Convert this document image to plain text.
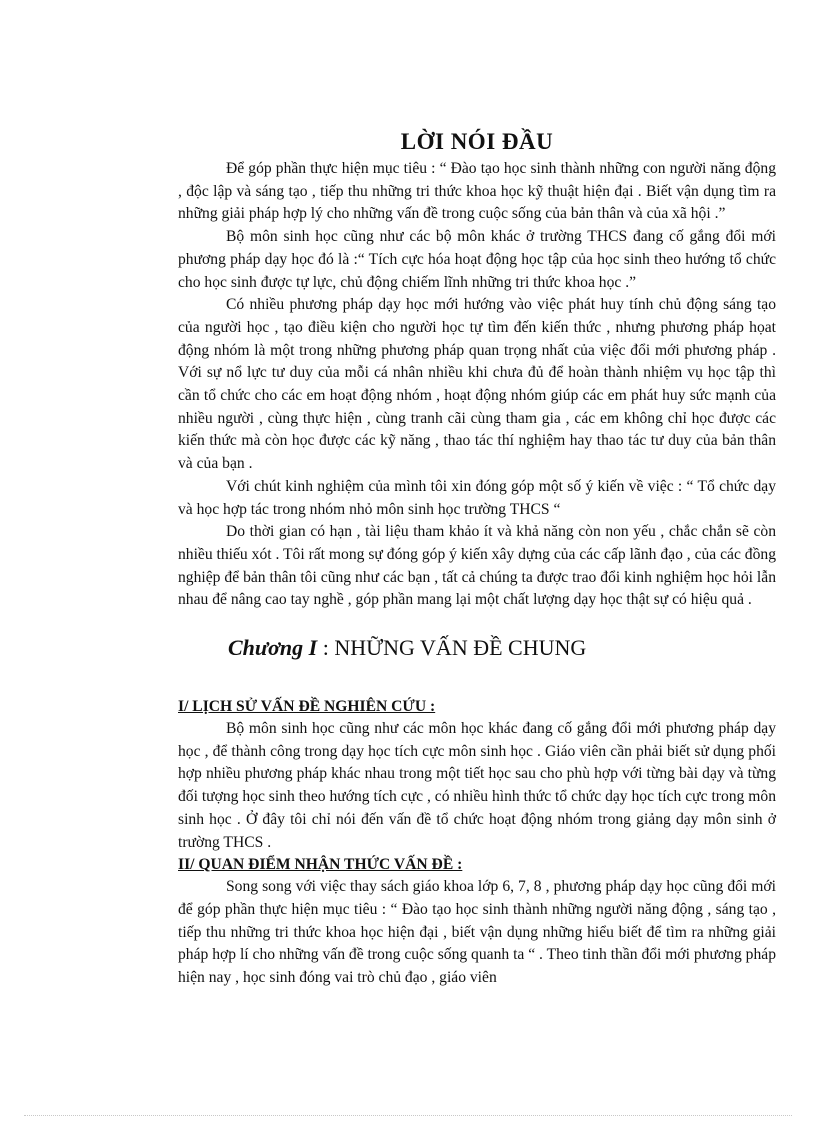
LỜI NÓI ĐẦU

Để góp phần thực hiện mục tiêu : “ Đào tạo học sinh thành những con người năng động , độc lập và sáng tạo , tiếp thu những tri thức khoa học kỹ thuật hiện đại . Biết vận dụng tìm ra những giải pháp hợp lý cho những vấn đề trong cuộc sống của bản thân và của xã hội .”

Bộ môn sinh học cũng như các bộ môn khác ở trường THCS đang cố gắng đổi mới phương pháp dạy học đó là :“ Tích cực hóa hoạt động học tập của học sinh theo hướng tổ chức cho học sinh được tự lực, chủ động chiếm lĩnh những tri thức khoa học .”

Có nhiều phương pháp dạy học mới hướng vào việc phát huy tính chủ động sáng tạo của người học , tạo điều kiện cho người học tự tìm đến kiến thức , nhưng phương pháp họat động nhóm là một trong những phương pháp quan trọng nhất của việc đổi mới phương pháp . Với sự nổ lực tư duy của mỗi cá nhân nhiều khi chưa đủ để hoàn thành nhiệm vụ học tập thì cần tổ chức cho các em hoạt động nhóm , hoạt động nhóm giúp các em phát huy sức mạnh của nhiều người , cùng thực hiện , cùng tranh cãi cùng tham gia , các em không chỉ học được các kiến thức mà còn học được các kỹ năng , thao tác thí nghiệm hay thao tác tư duy của bản thân và của bạn .

Với chút kinh nghiệm của mình tôi xin đóng góp một số ý kiến về việc : “ Tổ chức dạy và học hợp tác trong nhóm nhỏ môn sinh học trường THCS “

Do thời gian có hạn , tài liệu tham khảo ít và khả năng còn non yếu , chắc chắn sẽ còn nhiều thiếu xót . Tôi rất mong sự đóng góp ý kiến xây dựng của các cấp lãnh đạo , của các đồng nghiệp để bản thân tôi cũng như các bạn , tất cả chúng ta được trao đổi kinh nghiệm học hỏi lẫn nhau để nâng cao tay nghề , góp phần mang lại một chất lượng dạy học thật sự có hiệu quả .

Chương I : NHỮNG VẤN ĐỀ CHUNG
I/ LỊCH SỬ VẤN ĐỀ NGHIÊN CỨU :

Bộ môn sinh học cũng như các môn học khác đang cố gắng đổi mới phương pháp dạy học , để thành công trong dạy học tích cực môn sinh học . Giáo viên cần phải biết sử dụng phối hợp nhiều phương pháp khác nhau trong một tiết học sau cho phù hợp với từng bài dạy và từng đối tượng học sinh theo hướng tích cực , có nhiều hình thức tổ chức dạy học tích cực trong môn sinh học . Ở đây tôi chỉ nói đến vấn đề tổ chức hoạt động nhóm trong giảng dạy môn sinh ở trường THCS .

II/ QUAN ĐIỂM NHẬN THỨC VẤN ĐỀ :

Song song với việc thay sách giáo khoa lớp 6, 7, 8 , phương pháp dạy học cũng đổi mới để góp phần thực hiện mục tiêu : “ Đào tạo học sinh thành những người năng động , sáng tạo , tiếp thu những tri thức khoa học hiện đại , biết vận dụng những hiểu biết để tìm ra những giải pháp hợp lí cho những vấn đề trong cuộc sống quanh ta “ . Theo tinh thần đổi mới phương pháp hiện nay , học sinh đóng vai trò chủ đạo , giáo viên
